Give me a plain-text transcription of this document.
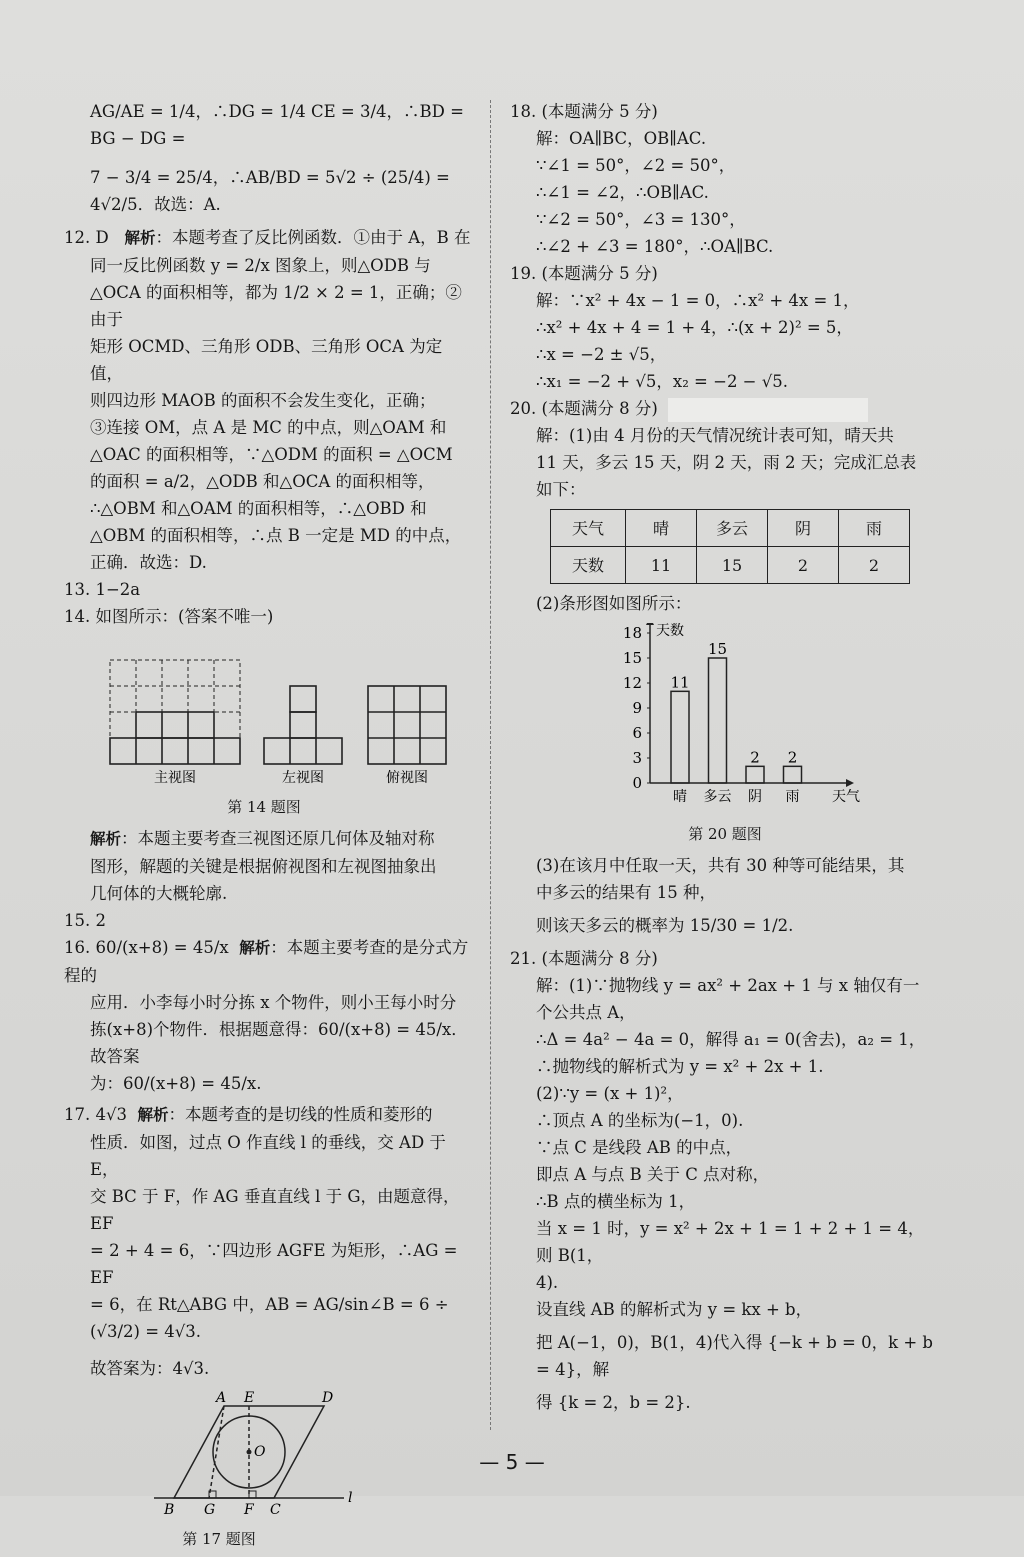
AG/AE = 1/4，∴DG = 1/4 CE = 3/4，∴BD = BG − DG =

7 − 3/4 = 25/4，∴AB/BD = 5√2 ÷ (25/4) = 4√2/5．故选：A.

12. D 解析：本题考查了反比例函数．①由于 A，B 在

同一反比例函数 y = 2/x 图象上，则△ODB 与

△OCA 的面积相等，都为 1/2 × 2 = 1，正确；②由于

矩形 OCMD、三角形 ODB、三角形 OCA 为定值，

则四边形 MAOB 的面积不会发生变化，正确；

③连接 OM，点 A 是 MC 的中点，则△OAM 和

△OAC 的面积相等，∵△ODM 的面积 = △OCM

的面积 = a/2，△ODB 和△OCA 的面积相等，

∴△OBM 和△OAM 的面积相等，∴△OBD 和

△OBM 的面积相等，∴点 B 一定是 MD 的中点，

正确．故选：D.

13. 1−2a

14. 如图所示：(答案不唯一)

主视图	左视图	俯视图
第 14 题图

解析：本题主要考查三视图还原几何体及轴对称

图形，解题的关键是根据俯视图和左视图抽象出

几何体的大概轮廓.

15. 2

16. 60/(x+8) = 45/x 解析：本题主要考查的是分式方程的

应用．小李每小时分拣 x 个物件，则小王每小时分

拣(x+8)个物件．根据题意得：60/(x+8) = 45/x．故答案

为：60/(x+8) = 45/x.

17. 4√3 解析：本题考查的是切线的性质和菱形的

性质．如图，过点 O 作直线 l 的垂线，交 AD 于 E，

交 BC 于 F，作 AG 垂直直线 l 于 G，由题意得，EF

= 2 + 4 = 6，∵四边形 AGFE 为矩形，∴AG = EF

= 6，在 Rt△ABG 中，AB = AG/sin∠B = 6 ÷ (√3/2) = 4√3.

故答案为：4√3.

A E	D
O
B G F C
l
第 17 题图

18. (本题满分 5 分)

解：OA∥BC，OB∥AC.

∵∠1 = 50°，∠2 = 50°，

∴∠1 = ∠2，∴OB∥AC.

∵∠2 = 50°，∠3 = 130°，

∴∠2 + ∠3 = 180°，∴OA∥BC.

19. (本题满分 5 分)

解：∵x² + 4x − 1 = 0，∴x² + 4x = 1，

∴x² + 4x + 4 = 1 + 4，∴(x + 2)² = 5，

∴x = −2 ± √5，

∴x₁ = −2 + √5，x₂ = −2 − √5.

20. (本题满分 8 分)

解：(1)由 4 月份的天气情况统计表可知，晴天共

11 天，多云 15 天，阴 2 天，雨 2 天；完成汇总表

如下：

天气	晴	多云	阴	雨
天数	11	15	2	2

(2)条形图如图所示：

0
3
6
9
12
15
18 天数
天气
11
晴
15
多云
2
阴
2
雨
第 20 题图

(3)在该月中任取一天，共有 30 种等可能结果，其

中多云的结果有 15 种，

则该天多云的概率为 15/30 = 1/2.

21. (本题满分 8 分)

解：(1)∵抛物线 y = ax² + 2ax + 1 与 x 轴仅有一

个公共点 A，

∴Δ = 4a² − 4a = 0，解得 a₁ = 0(舍去)，a₂ = 1，

∴抛物线的解析式为 y = x² + 2x + 1.

(2)∵y = (x + 1)²，

∴顶点 A 的坐标为(−1，0).

∵点 C 是线段 AB 的中点，

即点 A 与点 B 关于 C 点对称，

∴B 点的横坐标为 1，

当 x = 1 时，y = x² + 2x + 1 = 1 + 2 + 1 = 4，则 B(1，

4).

设直线 AB 的解析式为 y = kx + b，

把 A(−1，0)，B(1，4)代入得 {−k + b = 0，k + b = 4}，解

得 {k = 2，b = 2}.

— 5 —
